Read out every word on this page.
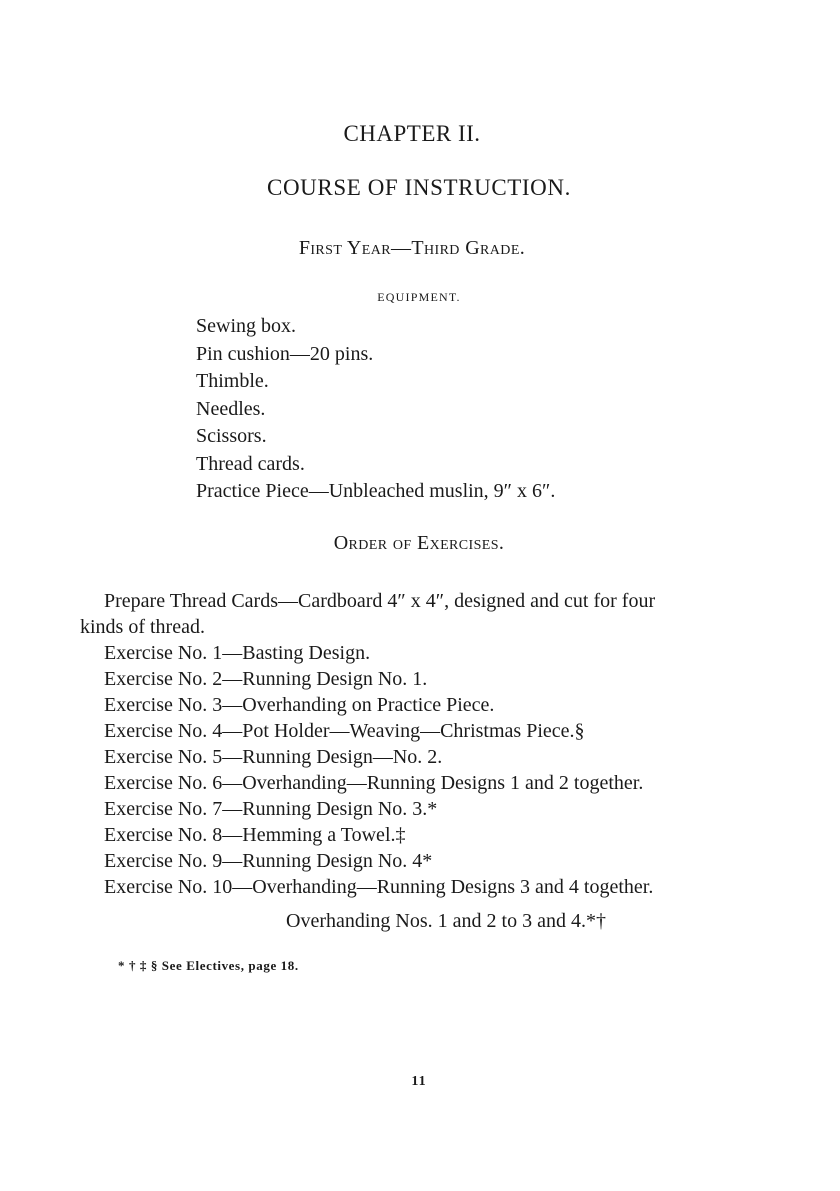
CHAPTER II.
COURSE OF INSTRUCTION.
First Year—Third Grade.
EQUIPMENT.
Sewing box.
Pin cushion—20 pins.
Thimble.
Needles.
Scissors.
Thread cards.
Practice Piece—Unbleached muslin, 9″ x 6″.
Order of Exercises.
Prepare Thread Cards—Cardboard 4″ x 4″, designed and cut for four
kinds of thread.
Exercise No. 1—Basting Design.
Exercise No. 2—Running Design No. 1.
Exercise No. 3—Overhanding on Practice Piece.
Exercise No. 4—Pot Holder—Weaving—Christmas Piece.§
Exercise No. 5—Running Design—No. 2.
Exercise No. 6—Overhanding—Running Designs 1 and 2 together.
Exercise No. 7—Running Design No. 3.*
Exercise No. 8—Hemming a Towel.‡
Exercise No. 9—Running Design No. 4*
Exercise No. 10—Overhanding—Running Designs 3 and 4 together.
Overhanding Nos. 1 and 2 to 3 and 4.*†
* † ‡ § See Electives, page 18.
11
